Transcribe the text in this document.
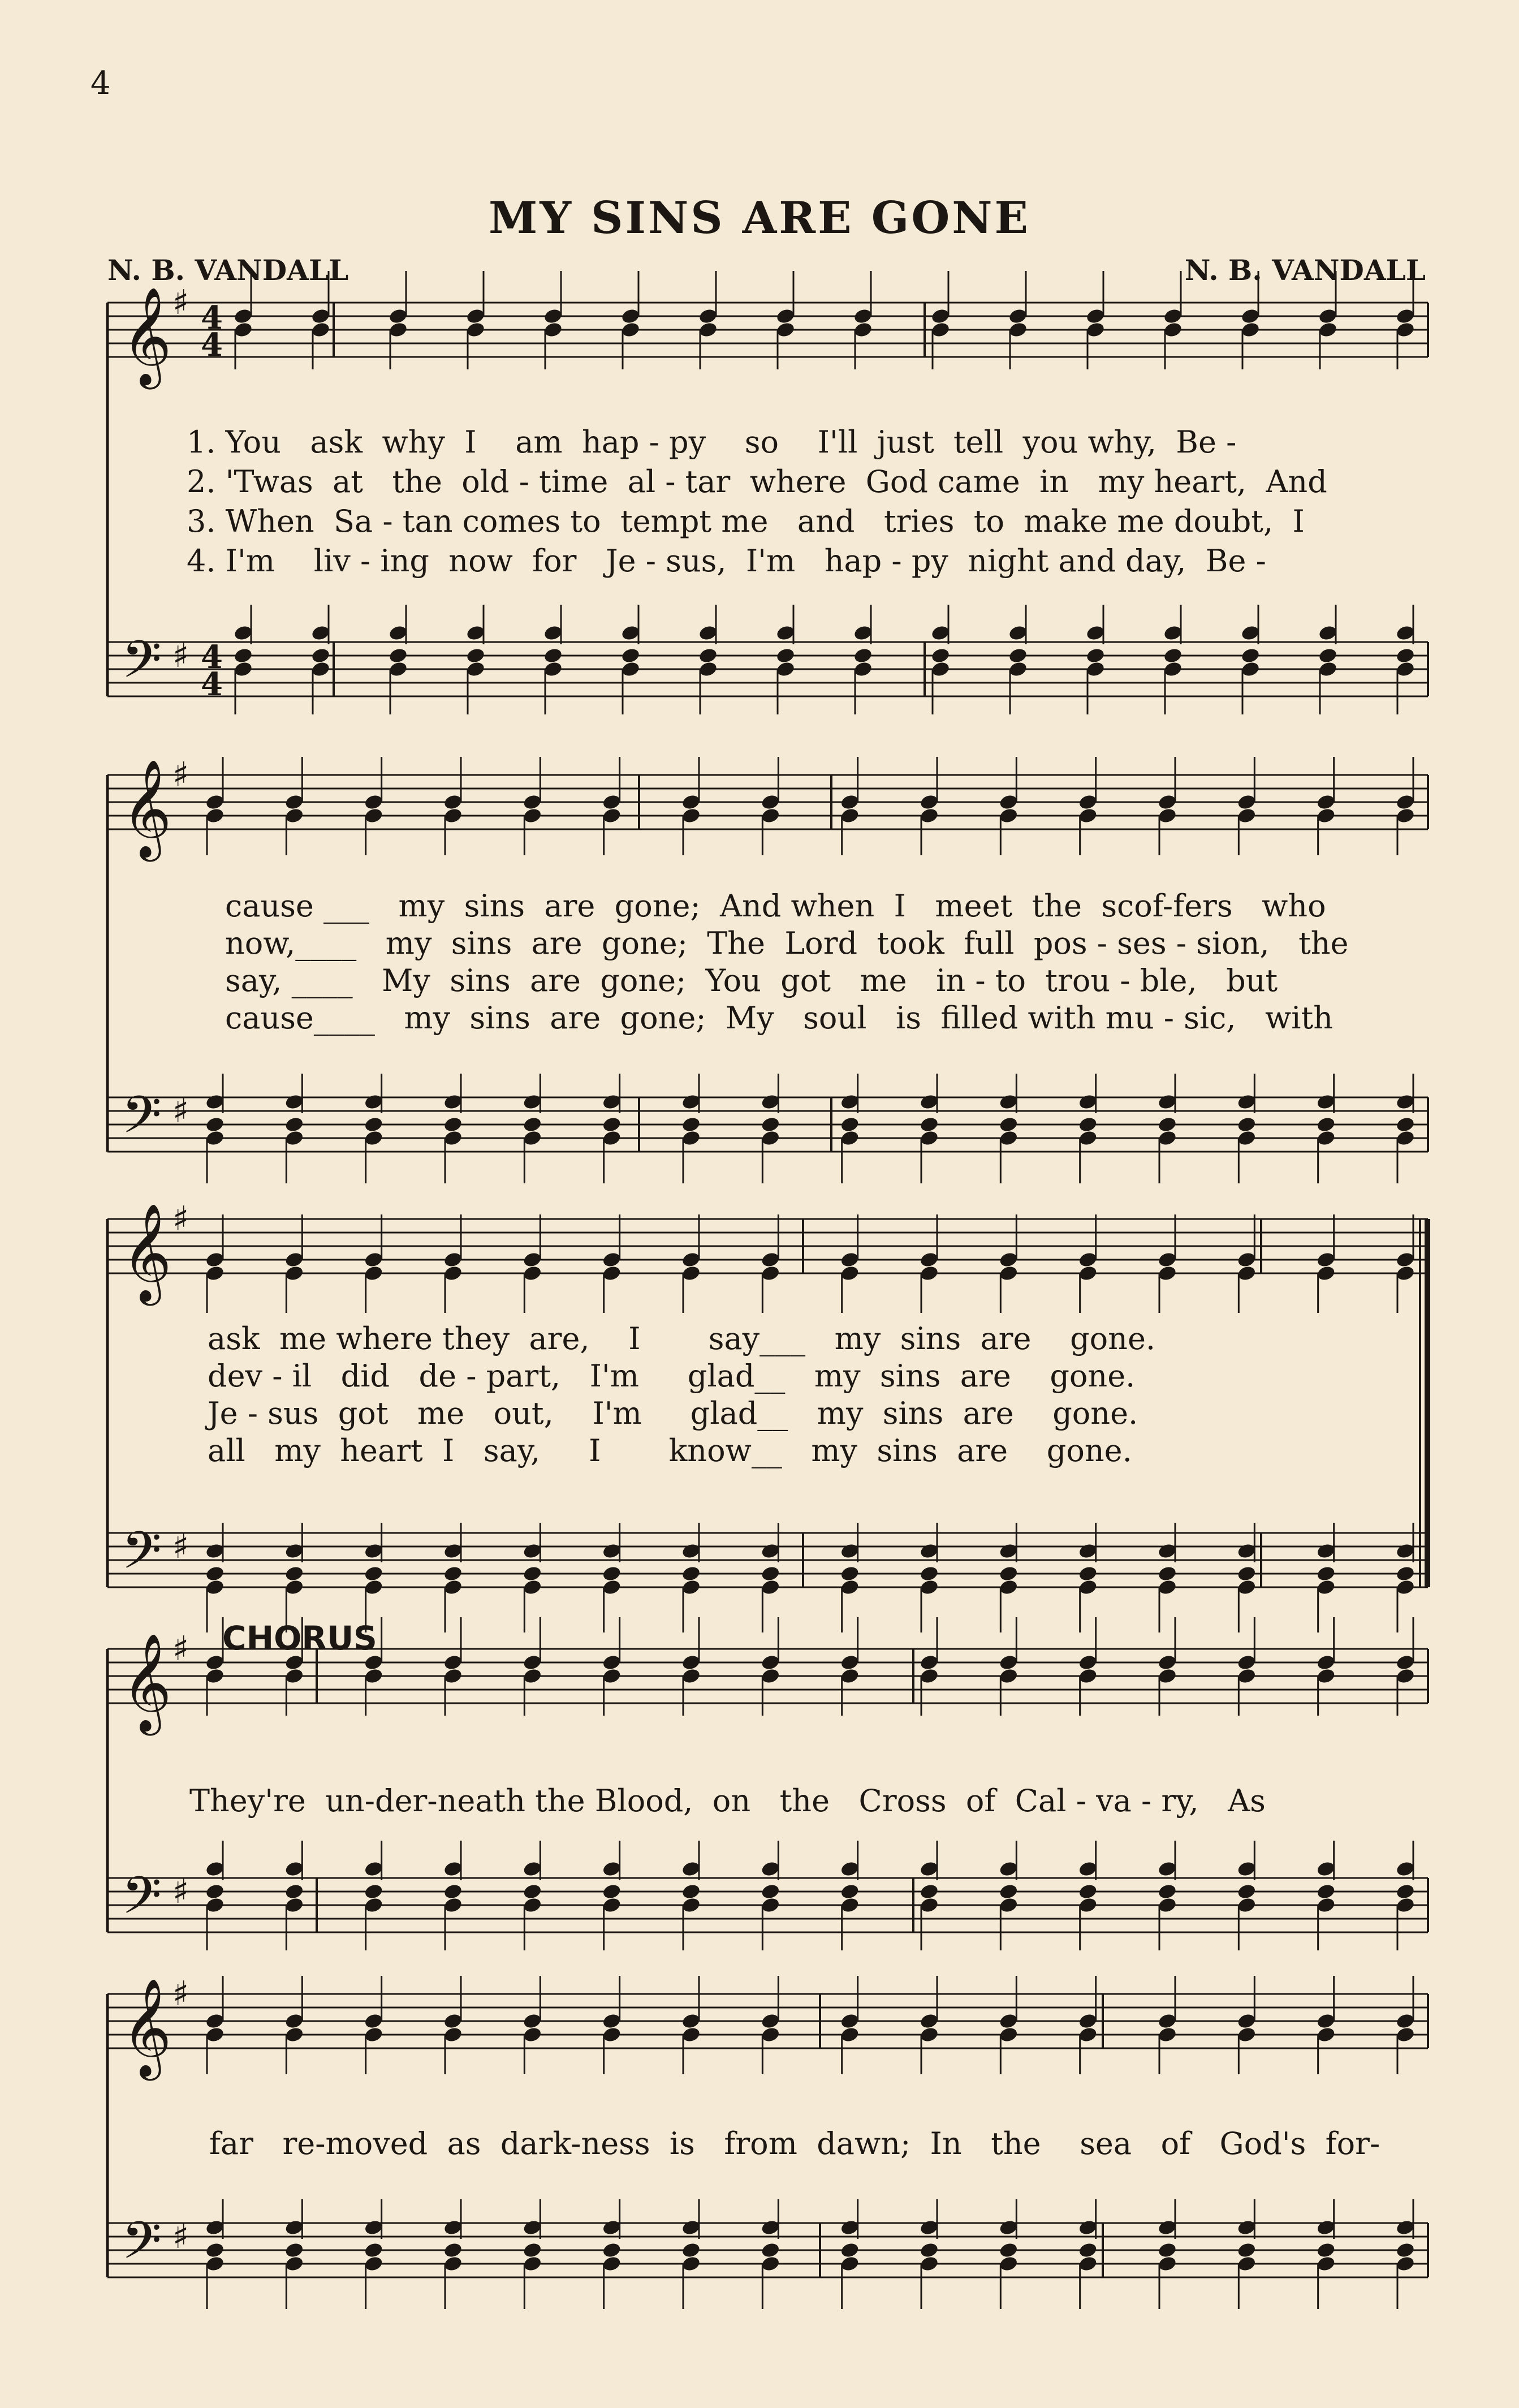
4
MY SINS ARE GONE
N. B. VANDALL	N. B. VANDALL
CHORUS
1. You   ask  why  I    am  hap - py    so    I'll  just  tell  you why,  Be -
2. 'Twas  at   the  old - time  al - tar  where  God came  in   my heart,  And
3. When  Sa - tan comes to  tempt me   and   tries  to  make me doubt,  I
4. I'm    liv - ing  now  for   Je - sus,  I'm   hap - py  night and day,  Be -
cause ___   my  sins  are  gone;  And when  I   meet  the  scof-fers   who
now,____   my  sins  are  gone;  The  Lord  took  full  pos - ses - sion,   the
say, ____   My  sins  are  gone;  You  got   me   in - to  trou - ble,   but
cause____   my  sins  are  gone;  My   soul   is  filled with mu - sic,   with
ask  me where they  are,    I       say___   my  sins  are    gone.
dev - il   did   de - part,   I'm     glad__   my  sins  are    gone.
Je - sus  got   me   out,    I'm     glad__   my  sins  are    gone.
all   my  heart  I   say,     I       know__   my  sins  are    gone.
They're  un-der-neath the Blood,  on   the   Cross  of  Cal - va - ry,   As
far   re-moved  as  dark-ness  is   from  dawn;  In   the    sea   of   God's  for-
𝄞 ♯ 4
4
𝄢 ♯ 4
4
𝄞 ♯
𝄢 ♯
𝄞 ♯
𝄢 ♯
𝄞 ♯
𝄢 ♯
𝄞 ♯
𝄢 ♯
